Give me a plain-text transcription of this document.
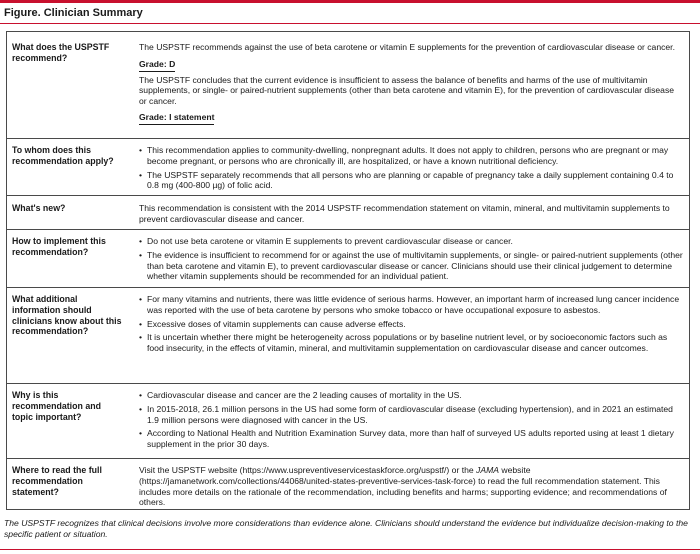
Figure. Clinician Summary
What does the USPSTF recommend?

The USPSTF recommends against the use of beta carotene or vitamin E supplements for the prevention of cardiovascular disease or cancer.

Grade: D

The USPSTF concludes that the current evidence is insufficient to assess the balance of benefits and harms of the use of multivitamin supplements, or single- or paired-nutrient supplements (other than beta carotene and vitamin E), for the prevention of cardiovascular disease or cancer.

Grade: I statement

To whom does this recommendation apply?

• This recommendation applies to community-dwelling, nonpregnant adults. It does not apply to children, persons who are pregnant or may become pregnant, or persons who are chronically ill, are hospitalized, or have a known nutritional deficiency.

• The USPSTF separately recommends that all persons who are planning or capable of pregnancy take a daily supplement containing 0.4 to 0.8 mg (400-800 µg) of folic acid.

What's new?	This recommendation is consistent with the 2014 USPSTF recommendation statement on vitamin, mineral, and multivitamin supplements to prevent cardiovascular disease and cancer.
How to implement this recommendation?

• Do not use beta carotene or vitamin E supplements to prevent cardiovascular disease or cancer.

• The evidence is insufficient to recommend for or against the use of multivitamin supplements, or single- or paired-nutrient supplements (other than beta carotene and vitamin E), to prevent cardiovascular disease or cancer. Clinicians should use their clinical judgement to determine whether vitamin supplements should be recommended for an individual patient.

What additional information should clinicians know about this recommendation?

• For many vitamins and nutrients, there was little evidence of serious harms. However, an important harm of increased lung cancer incidence was reported with the use of beta carotene by persons who smoke tobacco or have occupational exposure to asbestos.

• Excessive doses of vitamin supplements can cause adverse effects.

• It is uncertain whether there might be heterogeneity across populations or by baseline nutrient level, or by socioeconomic factors such as food insecurity, in the effects of vitamin, mineral, and multivitamin supplementation on cardiovascular disease and cancer outcomes.

Why is this recommendation and topic important?

• Cardiovascular disease and cancer are the 2 leading causes of mortality in the US.

• In 2015-2018, 26.1 million persons in the US had some form of cardiovascular disease (excluding hypertension), and in 2021 an estimated 1.9 million persons were diagnosed with cancer in the US.

• According to National Health and Nutrition Examination Survey data, more than half of surveyed US adults reported using at least 1 dietary supplement in the prior 30 days.

Where to read the full recommendation statement?
Visit the USPSTF website (https://www.uspreventiveservicestaskforce.org/uspstf/) or the JAMA website (https://jamanetwork.com/collections/44068/united-states-preventive-services-task-force) to read the full recommendation statement. This includes more details on the rationale of the recommendation, including benefits and harms; supporting evidence; and recommendations of others.
The USPSTF recognizes that clinical decisions involve more considerations than evidence alone. Clinicians should understand the evidence but individualize decision-making to the specific patient or situation.
